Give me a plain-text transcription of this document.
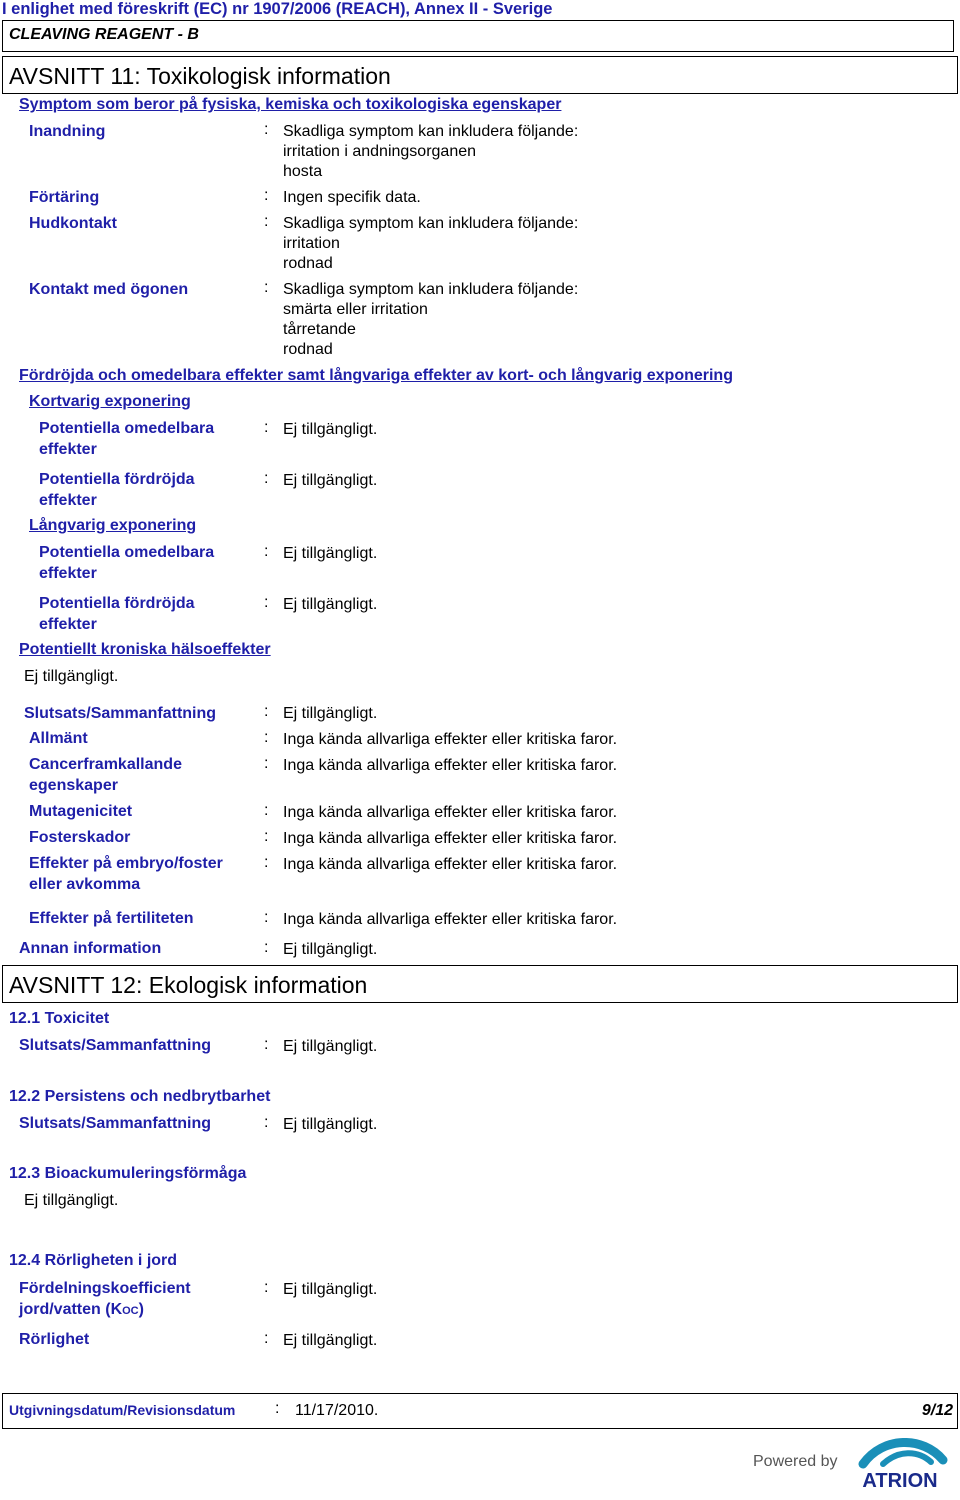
I enlighet med föreskrift (EC) nr 1907/2006 (REACH), Annex II - Sverige
CLEAVING REAGENT - B
AVSNITT 11: Toxikologisk information
Symptom som beror på fysiska, kemiska och toxikologiska egenskaper
Inandning	: Skadliga symptom kan inkludera följande:
irritation i andningsorganen
hosta
Förtäring	: Ingen specifik data.
Hudkontakt	: Skadliga symptom kan inkludera följande:
irritation
rodnad
Kontakt med ögonen	: Skadliga symptom kan inkludera följande:
smärta eller irritation
tårretande
rodnad
Fördröjda och omedelbara effekter samt långvariga effekter av kort- och långvarig exponering
Kortvarig exponering
Potentiella omedelbara
effekter
: Ej tillgängligt.
Potentiella fördröjda
effekter
: Ej tillgängligt.
Långvarig exponering
Potentiella omedelbara
effekter
: Ej tillgängligt.
Potentiella fördröjda
effekter
: Ej tillgängligt.
Potentiellt kroniska hälsoeffekter
Ej tillgängligt.
Slutsats/Sammanfattning	: Ej tillgängligt.
Allmänt	: Inga kända allvarliga effekter eller kritiska faror.
Cancerframkallande
egenskaper
: Inga kända allvarliga effekter eller kritiska faror.
Mutagenicitet	: Inga kända allvarliga effekter eller kritiska faror.
Fosterskador	: Inga kända allvarliga effekter eller kritiska faror.
Effekter på embryo/foster
eller avkomma
: Inga kända allvarliga effekter eller kritiska faror.
Effekter på fertiliteten	: Inga kända allvarliga effekter eller kritiska faror.
Annan information	: Ej tillgängligt.
AVSNITT 12: Ekologisk information
12.1 Toxicitet
Slutsats/Sammanfattning	: Ej tillgängligt.
12.2 Persistens och nedbrytbarhet
Slutsats/Sammanfattning	: Ej tillgängligt.
12.3 Bioackumuleringsförmåga
Ej tillgängligt.
12.4 Rörligheten i jord
Fördelningskoefficient
jord/vatten (KOC)
: Ej tillgängligt.
Rörlighet	: Ej tillgängligt.
Utgivningsdatum/Revisionsdatum : 11/17/2010.	9/12
Powered by
ATRION
